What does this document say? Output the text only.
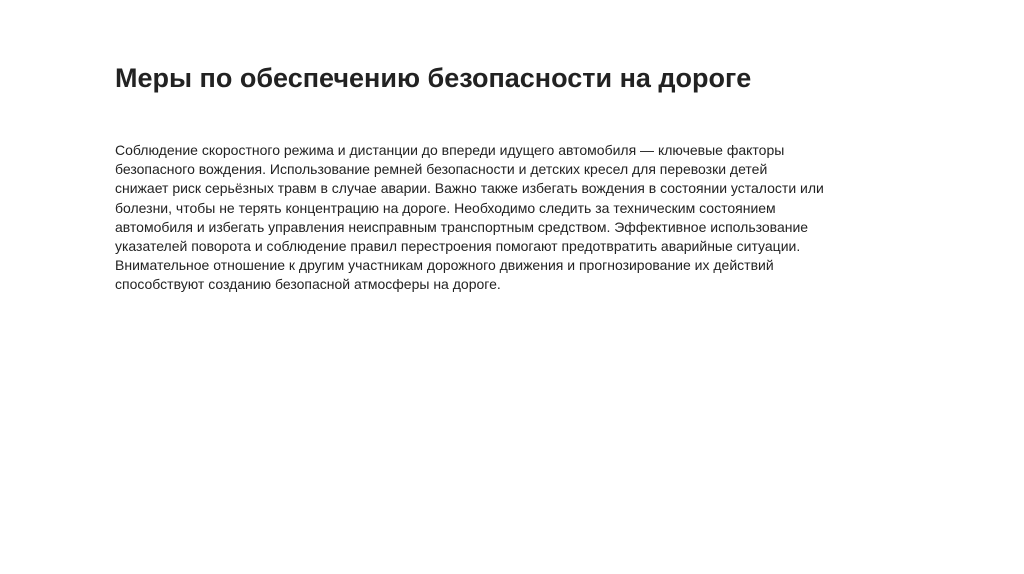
Меры по обеспечению безопасности на дороге

Соблюдение скоростного режима и дистанции до впереди идущего автомобиля — ключевые факторы
безопасного вождения. Использование ремней безопасности и детских кресел для перевозки детей
снижает риск серьёзных травм в случае аварии. Важно также избегать вождения в состоянии усталости или
болезни, чтобы не терять концентрацию на дороге. Необходимо следить за техническим состоянием
автомобиля и избегать управления неисправным транспортным средством. Эффективное использование
указателей поворота и соблюдение правил перестроения помогают предотвратить аварийные ситуации.
Внимательное отношение к другим участникам дорожного движения и прогнозирование их действий
способствуют созданию безопасной атмосферы на дороге.
